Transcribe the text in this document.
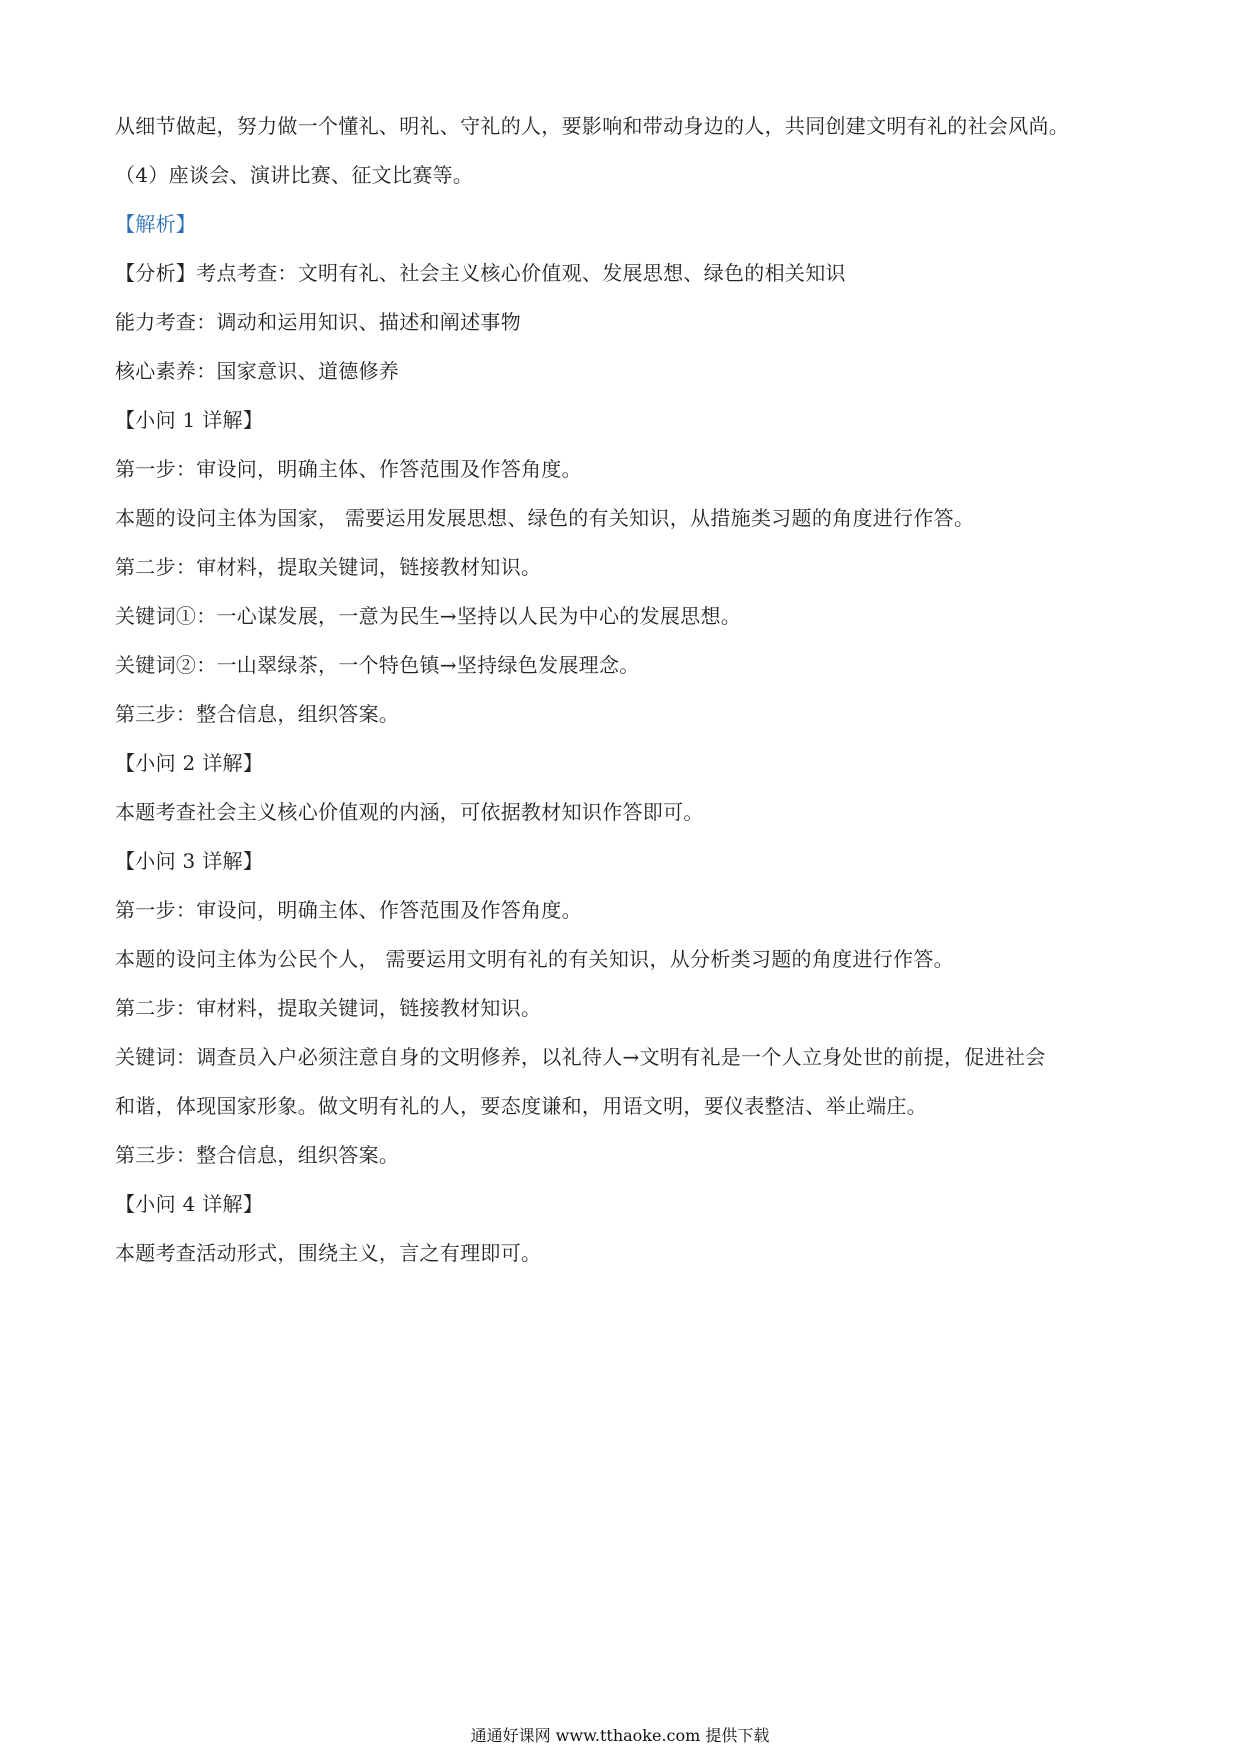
从细节做起，努力做一个懂礼、明礼、守礼的人，要影响和带动身边的人，共同创建文明有礼的社会风尚。
（4）座谈会、演讲比赛、征文比赛等。
【解析】
【分析】考点考查：文明有礼、社会主义核心价值观、发展思想、绿色的相关知识
能力考查：调动和运用知识、描述和阐述事物
核心素养：国家意识、道德修养
【小问 1 详解】
第一步：审设问，明确主体、作答范围及作答角度。
本题的设问主体为国家， 需要运用发展思想、绿色的有关知识，从措施类习题的角度进行作答。
第二步：审材料，提取关键词，链接教材知识。
关键词①：一心谋发展，一意为民生→坚持以人民为中心的发展思想。
关键词②：一山翠绿茶，一个特色镇→坚持绿色发展理念。
第三步：整合信息，组织答案。
【小问 2 详解】
本题考查社会主义核心价值观的内涵，可依据教材知识作答即可。
【小问 3 详解】
第一步：审设问，明确主体、作答范围及作答角度。
本题的设问主体为公民个人， 需要运用文明有礼的有关知识，从分析类习题的角度进行作答。
第二步：审材料，提取关键词，链接教材知识。
关键词：调查员入户必须注意自身的文明修养，以礼待人→文明有礼是一个人立身处世的前提，促进社会
和谐，体现国家形象。做文明有礼的人，要态度谦和，用语文明，要仪表整洁、举止端庄。
第三步：整合信息，组织答案。
【小问 4 详解】
本题考查活动形式，围绕主义，言之有理即可。
通通好课网 www.tthaoke.com 提供下载
